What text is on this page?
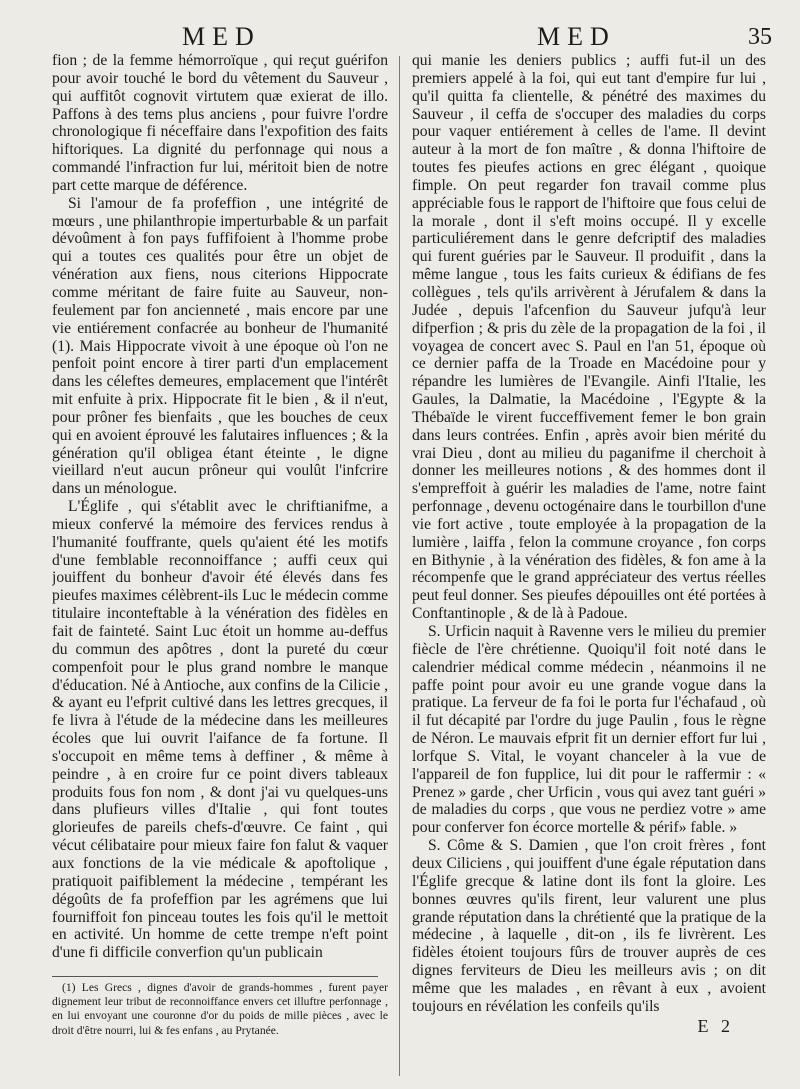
MED	MED	35

fion ; de la femme hémorroïque , qui reçut guérifon pour avoir touché le bord du vêtement du Sauveur , qui auffitôt cognovit virtutem quæ exierat de illo. Paffons à des tems plus anciens , pour fuivre l'ordre chronologique fi néceffaire dans l'expofition des faits hiftoriques. La dignité du perfonnage qui nous a commandé l'infraction fur lui, méritoit bien de notre part cette marque de déférence.

Si l'amour de fa profeffion , une intégrité de mœurs , une philanthropie imperturbable & un parfait dévoûment à fon pays fuffifoient à l'homme probe qui a toutes ces qualités pour être un objet de vénération aux fiens, nous citerions Hippocrate comme méritant de faire fuite au Sauveur, non-feulement par fon ancienneté , mais encore par une vie entiérement confacrée au bonheur de l'humanité (1). Mais Hippocrate vivoit à une époque où l'on ne penfoit point encore à tirer parti d'un emplacement dans les céleftes demeures, emplacement que l'intérêt mit enfuite à prix. Hippocrate fit le bien , & il n'eut, pour prôner fes bienfaits , que les bouches de ceux qui en avoient éprouvé les falutaires influences ; & la génération qu'il obligea étant éteinte , le digne vieillard n'eut aucun prôneur qui voulût l'infcrire dans un ménologue.

L'Églife , qui s'établit avec le chriftianifme, a mieux confervé la mémoire des fervices rendus à l'humanité fouffrante, quels qu'aient été les motifs d'une femblable reconnoiffance ; auffi ceux qui jouiffent du bonheur d'avoir été élevés dans fes pieufes maximes célèbrent-ils Luc le médecin comme titulaire inconteftable à la vénération des fidèles en fait de fainteté. Saint Luc étoit un homme au-deffus du commun des apôtres , dont la pureté du cœur compenfoit pour le plus grand nombre le manque d'éducation. Né à Antioche, aux confins de la Cilicie , & ayant eu l'efprit cultivé dans les lettres grecques, il fe livra à l'étude de la médecine dans les meilleures écoles que lui ouvrit l'aifance de fa fortune. Il s'occupoit en même tems à deffiner , & même à peindre , à en croire fur ce point divers tableaux produits fous fon nom , & dont j'ai vu quelques-uns dans plufieurs villes d'Italie , qui font toutes glorieufes de pareils chefs-d'œuvre. Ce faint , qui vécut célibataire pour mieux faire fon falut & vaquer aux fonctions de la vie médicale & apoftolique , pratiquoit paifiblement la médecine , tempérant les dégoûts de fa profeffion par les agrémens que lui fourniffoit fon pinceau toutes les fois qu'il le mettoit en activité. Un homme de cette trempe n'eft point d'une fi difficile converfion qu'un publicain

(1) Les Grecs , dignes d'avoir de grands-hommes , furent payer dignement leur tribut de reconnoiffance envers cet illuftre perfonnage , en lui envoyant une couronne d'or du poids de mille pièces , avec le droit d'être nourri, lui & fes enfans , au Prytanée.

qui manie les deniers publics ; auffi fut-il un des premiers appelé à la foi, qui eut tant d'empire fur lui , qu'il quitta fa clientelle, & pénétré des maximes du Sauveur , il ceffa de s'occuper des maladies du corps pour vaquer entiérement à celles de l'ame. Il devint auteur à la mort de fon maître , & donna l'hiftoire de toutes fes pieufes actions en grec élégant , quoique fimple. On peut regarder fon travail comme plus appréciable fous le rapport de l'hiftoire que fous celui de la morale , dont il s'eft moins occupé. Il y excelle particuliérement dans le genre defcriptif des maladies qui furent guéries par le Sauveur. Il produifit , dans la même langue , tous les faits curieux & édifians de fes collègues , tels qu'ils arrivèrent à Jérufalem & dans la Judée , depuis l'afcenfion du Sauveur jufqu'à leur difperfion ; & pris du zèle de la propagation de la foi , il voyagea de concert avec S. Paul en l'an 51, époque où ce dernier paffa de la Troade en Macédoine pour y répandre les lumières de l'Evangile. Ainfi l'Italie, les Gaules, la Dalmatie, la Macédoine , l'Egypte & la Thébaïde le virent fucceffivement femer le bon grain dans leurs contrées. Enfin , après avoir bien mérité du vrai Dieu , dont au milieu du paganifme il cherchoit à donner les meilleures notions , & des hommes dont il s'empreffoit à guérir les maladies de l'ame, notre faint perfonnage , devenu octogénaire dans le tourbillon d'une vie fort active , toute employée à la propagation de la lumière , laiffa , felon la commune croyance , fon corps en Bithynie , à la vénération des fidèles, & fon ame à la récompenfe que le grand appréciateur des vertus réelles peut feul donner. Ses pieufes dépouilles ont été portées à Conftantinople , & de là à Padoue.

S. Urficin naquit à Ravenne vers le milieu du premier fiècle de l'ère chrétienne. Quoiqu'il foit noté dans le calendrier médical comme médecin , néanmoins il ne paffe point pour avoir eu une grande vogue dans la pratique. La ferveur de fa foi le porta fur l'échafaud , où il fut décapité par l'ordre du juge Paulin , fous le règne de Néron. Le mauvais efprit fit un dernier effort fur lui , lorfque S. Vital, le voyant chanceler à la vue de l'appareil de fon fupplice, lui dit pour le raffermir : « Prenez » garde , cher Urficin , vous qui avez tant guéri » de maladies du corps , que vous ne perdiez votre » ame pour conferver fon écorce mortelle & périf» fable. »

S. Côme & S. Damien , que l'on croit frères , font deux Ciliciens , qui jouiffent d'une égale réputation dans l'Églife grecque & latine dont ils font la gloire. Les bonnes œuvres qu'ils firent, leur valurent une plus grande réputation dans la chrétienté que la pratique de la médecine , à laquelle , dit-on , ils fe livrèrent. Les fidèles étoient toujours fûrs de trouver auprès de ces dignes ferviteurs de Dieu les meilleurs avis ; on dit même que les malades , en rêvant à eux , avoient toujours en révélation les confeils qu'ils

E 2
